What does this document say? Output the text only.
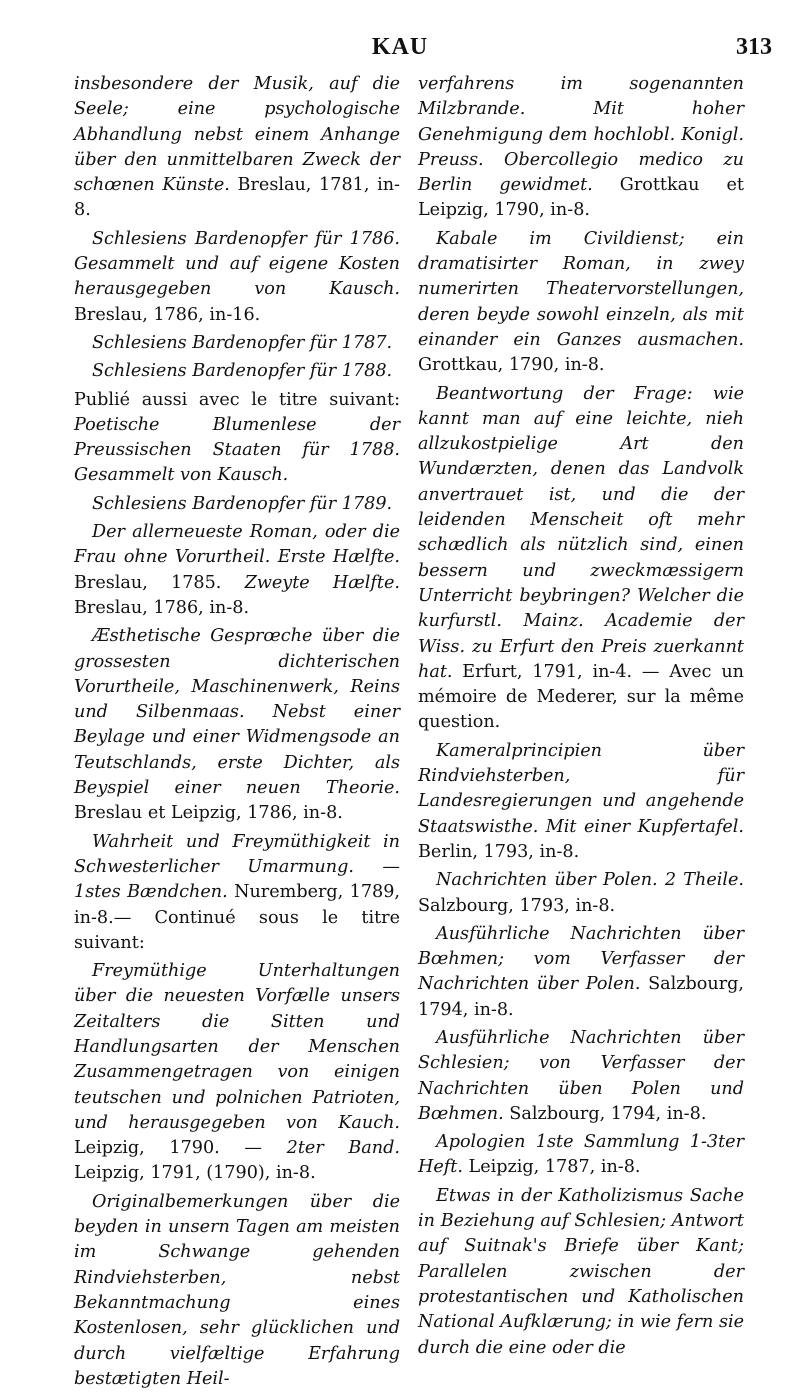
KAU	313

insbesondere der Musik, auf die Seele; eine psychologische Abhandlung nebst einem Anhange über den unmittelbaren Zweck der schœnen Künste. Breslau, 1781, in-8.

Schlesiens Bardenopfer für 1786. Gesammelt und auf eigene Kosten herausgegeben von Kausch. Breslau, 1786, in-16.

Schlesiens Bardenopfer für 1787.

Schlesiens Bardenopfer für 1788.

Publié aussi avec le titre suivant: Poetische Blumenlese der Preussischen Staaten für 1788. Gesammelt von Kausch.

Schlesiens Bardenopfer für 1789.

Der allerneueste Roman, oder die Frau ohne Vorurtheil. Erste Hælfte. Breslau, 1785. Zweyte Hælfte. Breslau, 1786, in-8.

Æsthetische Gesprœche über die grossesten dichterischen Vorurtheile, Maschinenwerk, Reins und Silbenmaas. Nebst einer Beylage und einer Widmengsode an Teutschlands, erste Dichter, als Beyspiel einer neuen Theorie. Breslau et Leipzig, 1786, in-8.

Wahrheit und Freymüthigkeit in Schwesterlicher Umarmung. — 1stes Bændchen. Nuremberg, 1789, in-8.— Continué sous le titre suivant:

Freymüthige Unterhaltungen über die neuesten Vorfælle unsers Zeitalters die Sitten und Handlungsarten der Menschen Zusammengetragen von einigen teutschen und polnichen Patrioten, und herausgegeben von Kauch. Leipzig, 1790. — 2ter Band. Leipzig, 1791, (1790), in-8.

Originalbemerkungen über die beyden in unsern Tagen am meisten im Schwange gehenden Rindviehsterben, nebst Bekanntmachung eines Kostenlosen, sehr glücklichen und durch vielfæltige Erfahrung bestætigten Heil-

verfahrens im sogenannten Milzbrande. Mit hoher Genehmigung dem hochlobl. Konigl. Preuss. Obercollegio medico zu Berlin gewidmet. Grottkau et Leipzig, 1790, in-8.

Kabale im Civildienst; ein dramatisirter Roman, in zwey numerirten Theatervorstellungen, deren beyde sowohl einzeln, als mit einander ein Ganzes ausmachen. Grottkau, 1790, in-8.

Beantwortung der Frage: wie kannt man auf eine leichte, nieh allzukostpielige Art den Wundærzten, denen das Landvolk anvertrauet ist, und die der leidenden Menscheit oft mehr schædlich als nützlich sind, einen bessern und zweckmæssigern Unterricht beybringen? Welcher die kurfurstl. Mainz. Academie der Wiss. zu Erfurt den Preis zuerkannt hat. Erfurt, 1791, in-4. — Avec un mémoire de Mederer, sur la même question.

Kameralprincipien über Rindviehsterben, für Landesregierungen und angehende Staatswisthe. Mit einer Kupfertafel. Berlin, 1793, in-8.

Nachrichten über Polen. 2 Theile. Salzbourg, 1793, in-8.

Ausführliche Nachrichten über Bœhmen; vom Verfasser der Nachrichten über Polen. Salzbourg, 1794, in-8.

Ausführliche Nachrichten über Schlesien; von Verfasser der Nachrichten üben Polen und Bœhmen. Salzbourg, 1794, in-8.

Apologien 1ste Sammlung 1-3ter Heft. Leipzig, 1787, in-8.

Etwas in der Katholizismus Sache in Beziehung auf Schlesien; Antwort auf Suitnak's Briefe über Kant; Parallelen zwischen der protestantischen und Katholischen National Aufklærung; in wie fern sie durch die eine oder die
